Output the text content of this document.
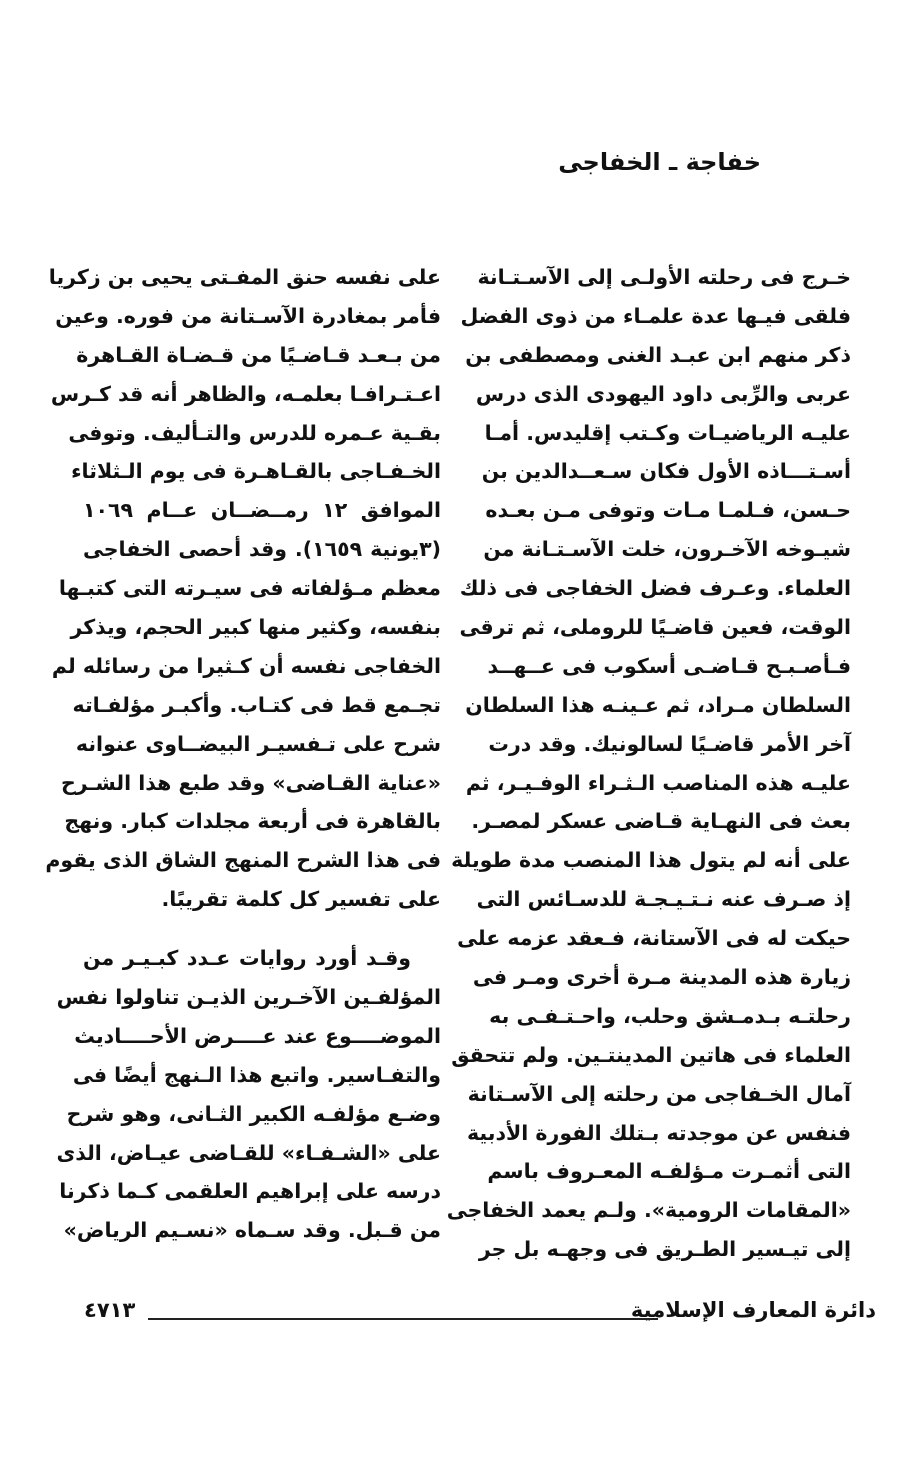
خفاجة ـ الخفاجى
خـرج فى رحلته الأولـى إلى الآسـتـانة
فلقى فيـها عدة علمـاء من ذوى الفضل
ذكر منهم ابن عبـد الغنى ومصطفى بن
عربى والرِّبى داود اليهودى الذى درس
عليـه الرياضيـات وكـتب إقليدس. أمـا
أسـتـــاذه الأول فكان سـعــدالدين بن
حـسن، فـلمـا مـات وتوفى مـن بعـده
شيـوخه الآخـرون، خلت الآسـتـانة من
العلماء. وعـرف فضل الخفاجى فى ذلك
الوقت، فعين قاضـيًا للروملى، ثم ترقى
فـأصـبـح قـاضـى أسكوب فى عــهــد
السلطان مـراد، ثم عـينـه هذا السلطان
آخر الأمر قاضـيًا لسالونيك. وقد درت
عليـه هذه المناصب الـثـراء الوفـيـر، ثم
بعث فى النهـاية قـاضى عسكر لمصـر.
على أنه لم يتول هذا المنصب مدة طويلة
إذ صـرف عنه نـتـيـجـة للدسـائس التى
حيكت له فى الآستانة، فـعقد عزمه على
زيارة هذه المدينة مـرة أخرى ومـر فى
رحلتـه بـدمـشق وحلب، واحـتـفـى به
العلماء فى هاتين المدينتـين. ولم تتحقق
آمال الخـفاجى من رحلته إلى الآسـتانة
فنفس عن موجدته بـتلك الفورة الأدبية
التى أثمـرت مـؤلفـه المعـروف باسم
«المقامات الرومية». ولـم يعمد الخفاجى
إلى تيـسير الطـريق فى وجهـه بل جر
على نفسه حنق المفـتى يحيى بن زكريا
فأمر بمغادرة الآسـتانة من فوره. وعين
من بـعـد قـاضـيًا من قـضـاة القـاهرة
اعـتـرافـا بعلمـه، والظاهر أنه قد كـرس
بقـية عـمره للدرس والتـأليف. وتوفى
الخـفـاجى بالقـاهـرة فى يوم الـثلاثاء
الموافق ١٢ رمــضــان عــام ١٠٦٩
(٣يونية ١٦٥٩). وقد أحصى الخفاجى
معظم مـؤلفاته فى سيـرته التى كتبـها
بنفسه، وكثير منها كبير الحجم، ويذكر
الخفاجى نفسه أن كـثيرا من رسائله لم
تجـمع قط فى كتـاب. وأكبـر مؤلفـاته
شرح على تـفسيـر البيضــاوى عنوانه
«عناية القـاضى» وقد طبع هذا الشـرح
بالقاهرة فى أربعة مجلدات كبار. ونهج
فى هذا الشرح المنهج الشاق الذى يقوم
على تفسير كل كلمة تقريبًا.
وقـد أورد روايات عـدد كبـيـر من
المؤلفـين الآخـرين الذيـن تناولوا نفس
الموضــــوع عند عــــرض الأحــــاديث
والتفـاسير. واتبع هذا الـنهج أيضًا فى
وضـع مؤلفـه الكبير الثـانى، وهو شرح
على «الشـفـاء» للقـاضى عيـاض، الذى
درسه على إبراهيم العلقمى كـما ذكرنا
من قـبل. وقد سـماه «نسـيم الرياض»
دائرة المعارف الإسلامية
٤٧١٣
